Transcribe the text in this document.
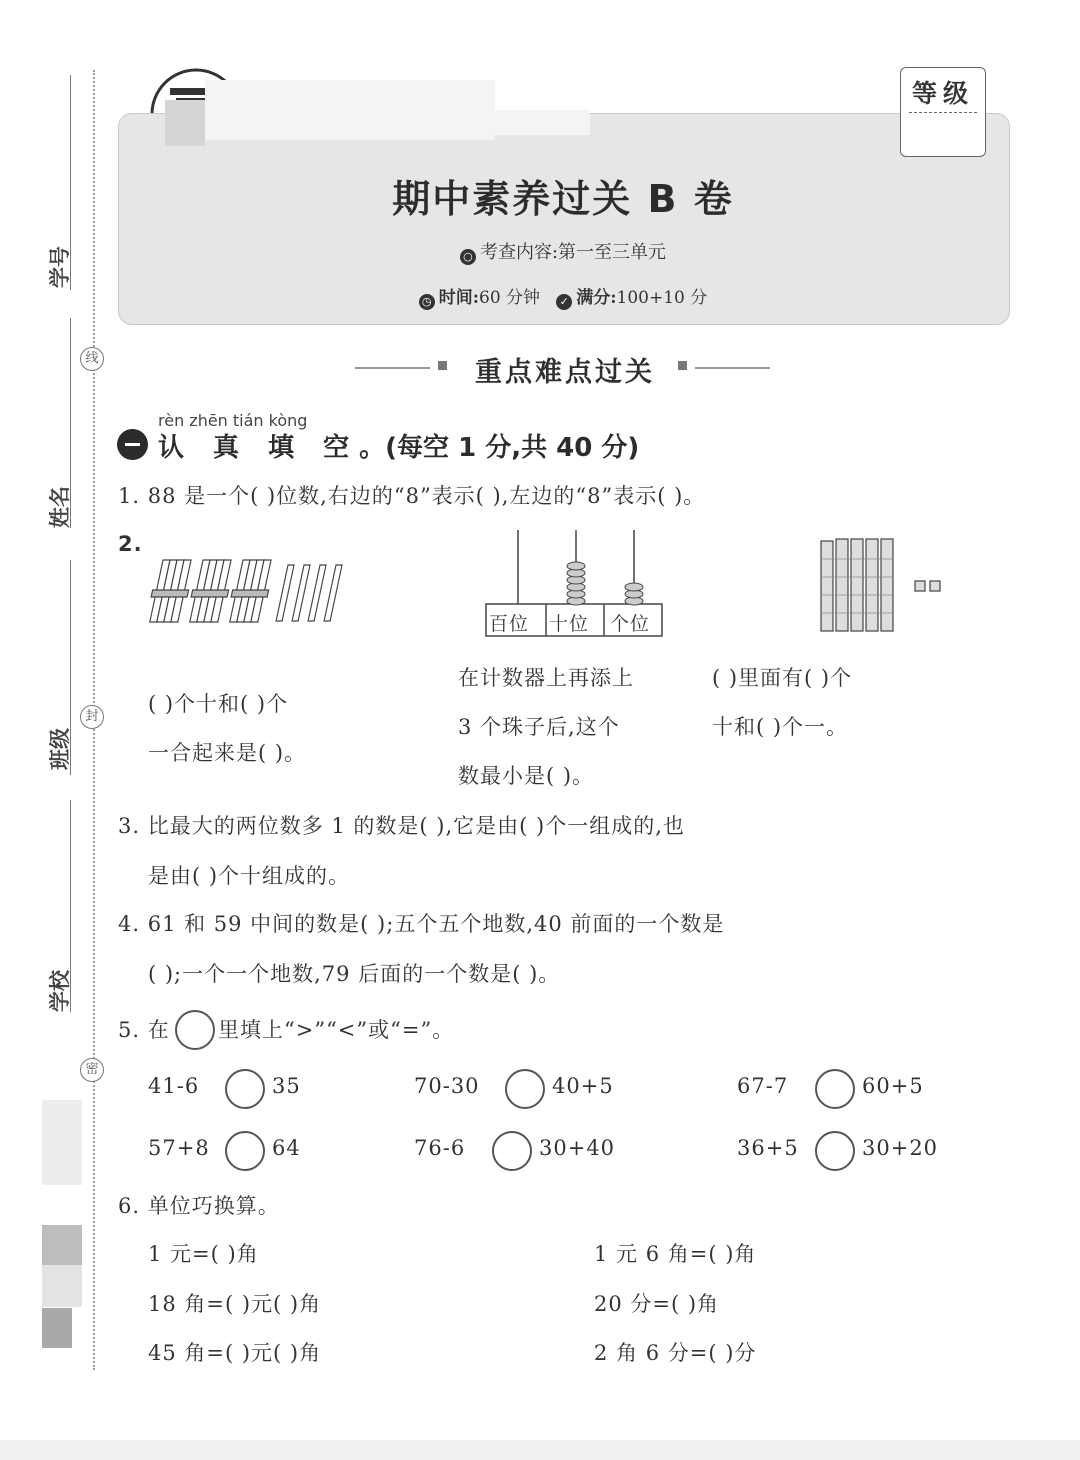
学号
姓名
班级
学校
线
封
密
等级
期中素养过关 B 卷
○ 考查内容:第一至三单元
◷ 时间:60 分钟 ✓ 满分:100+10 分
重点难点过关
rèn zhēn tián kòng
认 真 填 空。(每空 1 分,共 40 分)
1. 88 是一个( )位数,右边的“8”表示( ),左边的“8”表示( )。
2.
百位 十位 个位
( )个十和( )个
一合起来是( )。
在计数器上再添上
3 个珠子后,这个
数最小是( )。
( )里面有( )个
十和( )个一。
3. 比最大的两位数多 1 的数是( ),它是由( )个一组成的,也
是由( )个十组成的。
4. 61 和 59 中间的数是( );五个五个地数,40 前面的一个数是
( );一个一个地数,79 后面的一个数是( )。
5. 在 里填上“>”“<”或“=”。
41-6	35	70-30	40+5	67-7	60+5
57+8	64	76-6	30+40	36+5	30+20
6. 单位巧换算。
1 元=( )角	1 元 6 角=( )角
18 角=( )元( )角	20 分=( )角
45 角=( )元( )角	2 角 6 分=( )分
